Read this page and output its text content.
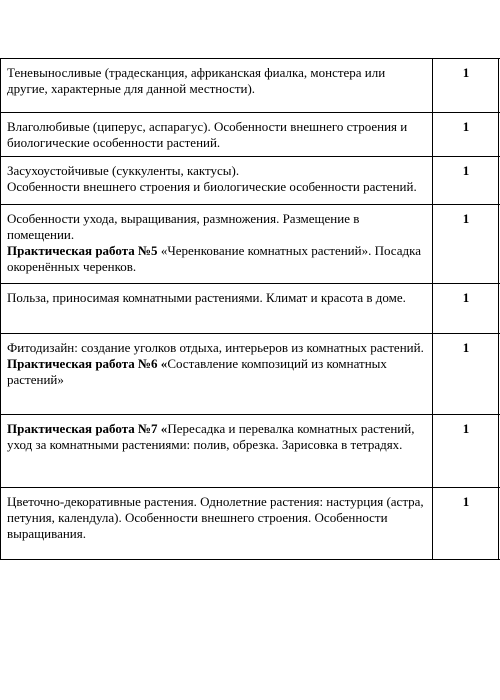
Теневыносливые (традесканция, африканская фиалка, монстера или другие, характерные для данной местности).	1	
Влаголюбивые (циперус, аспарагус). Особенности внешнего строения и биологические особенности растений.	1	

Засухоустойчивые (суккуленты, кактусы).
Особенности внешнего строения и биологические особенности растений.	1	

Особенности ухода, выращивания, размножения. Размещение в помещении.
Практическая работа №5 «Черенкование комнатных растений». Посадка окоренённых черенков.	1	
Польза, приносимая комнатными растениями. Климат и красота в доме.	1	

Фитодизайн: создание уголков отдыха, интерьеров из комнатных растений.
Практическая работа №6 «Составление композиций из комнатных растений»	1	
Практическая работа №7 «Пересадка и перевалка комнатных растений, уход за комнатными растениями: полив, обрезка. Зарисовка в тетрадях.	1	
Цветочно-декоративные растения. Однолетние растения: настурция (астра, петуния, календула). Особенности внешнего строения. Особенности выращивания.	1	
